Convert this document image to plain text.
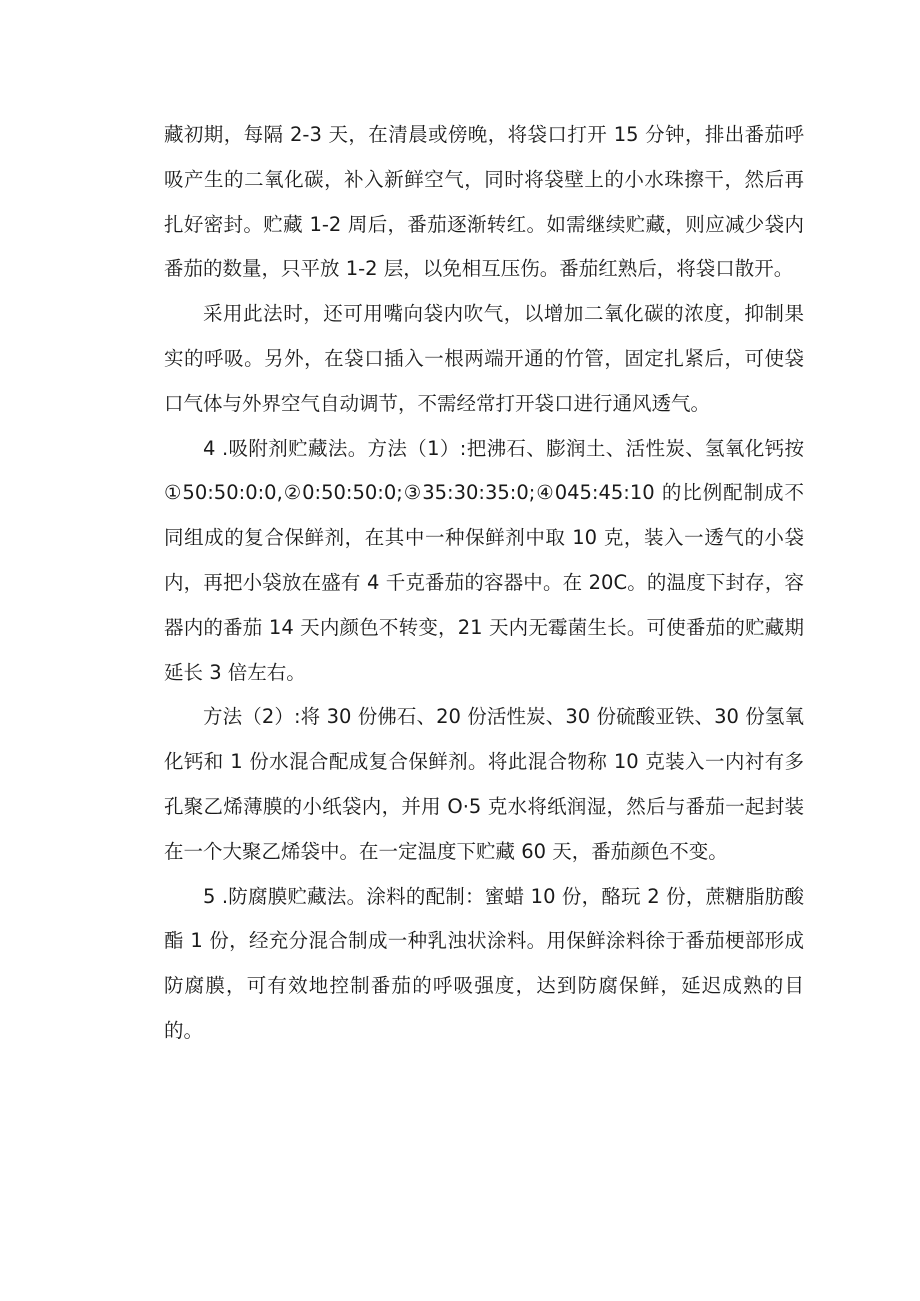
藏初期，每隔 2-3 天，在清晨或傍晚，将袋口打开 15 分钟，排出番茄呼吸产生的二氧化碳，补入新鲜空气，同时将袋壁上的小水珠擦干，然后再扎好密封。贮藏 1-2 周后，番茄逐渐转红。如需继续贮藏，则应减少袋内番茄的数量，只平放 1-2 层，以免相互压伤。番茄红熟后，将袋口散开。

采用此法时，还可用嘴向袋内吹气，以增加二氧化碳的浓度，抑制果实的呼吸。另外，在袋口插入一根两端开通的竹管，固定扎紧后，可使袋口气体与外界空气自动调节，不需经常打开袋口进行通风透气。

4 .吸附剂贮藏法。方法（1）:把沸石、膨润土、活性炭、氢氧化钙按①50:50:0:0,②0:50:50:0;③35:30:35:0;④045:45:10 的比例配制成不同组成的复合保鲜剂，在其中一种保鲜剂中取 10 克，装入一透气的小袋内，再把小袋放在盛有 4 千克番茄的容器中。在 20C。的温度下封存，容器内的番茄 14 天内颜色不转变，21 天内无霉菌生长。可使番茄的贮藏期延长 3 倍左右。

方法（2）:将 30 份佛石、20 份活性炭、30 份硫酸亚铁、30 份氢氧化钙和 1 份水混合配成复合保鲜剂。将此混合物称 10 克装入一内衬有多孔聚乙烯薄膜的小纸袋内，并用 O·5 克水将纸润湿，然后与番茄一起封装在一个大聚乙烯袋中。在一定温度下贮藏 60 天，番茄颜色不变。

5 .防腐膜贮藏法。涂料的配制：蜜蜡 10 份，酪玩 2 份，蔗糖脂肪酸酯 1 份，经充分混合制成一种乳浊状涂料。用保鲜涂料徐于番茄梗部形成防腐膜，可有效地控制番茄的呼吸强度，达到防腐保鲜，延迟成熟的目的。
